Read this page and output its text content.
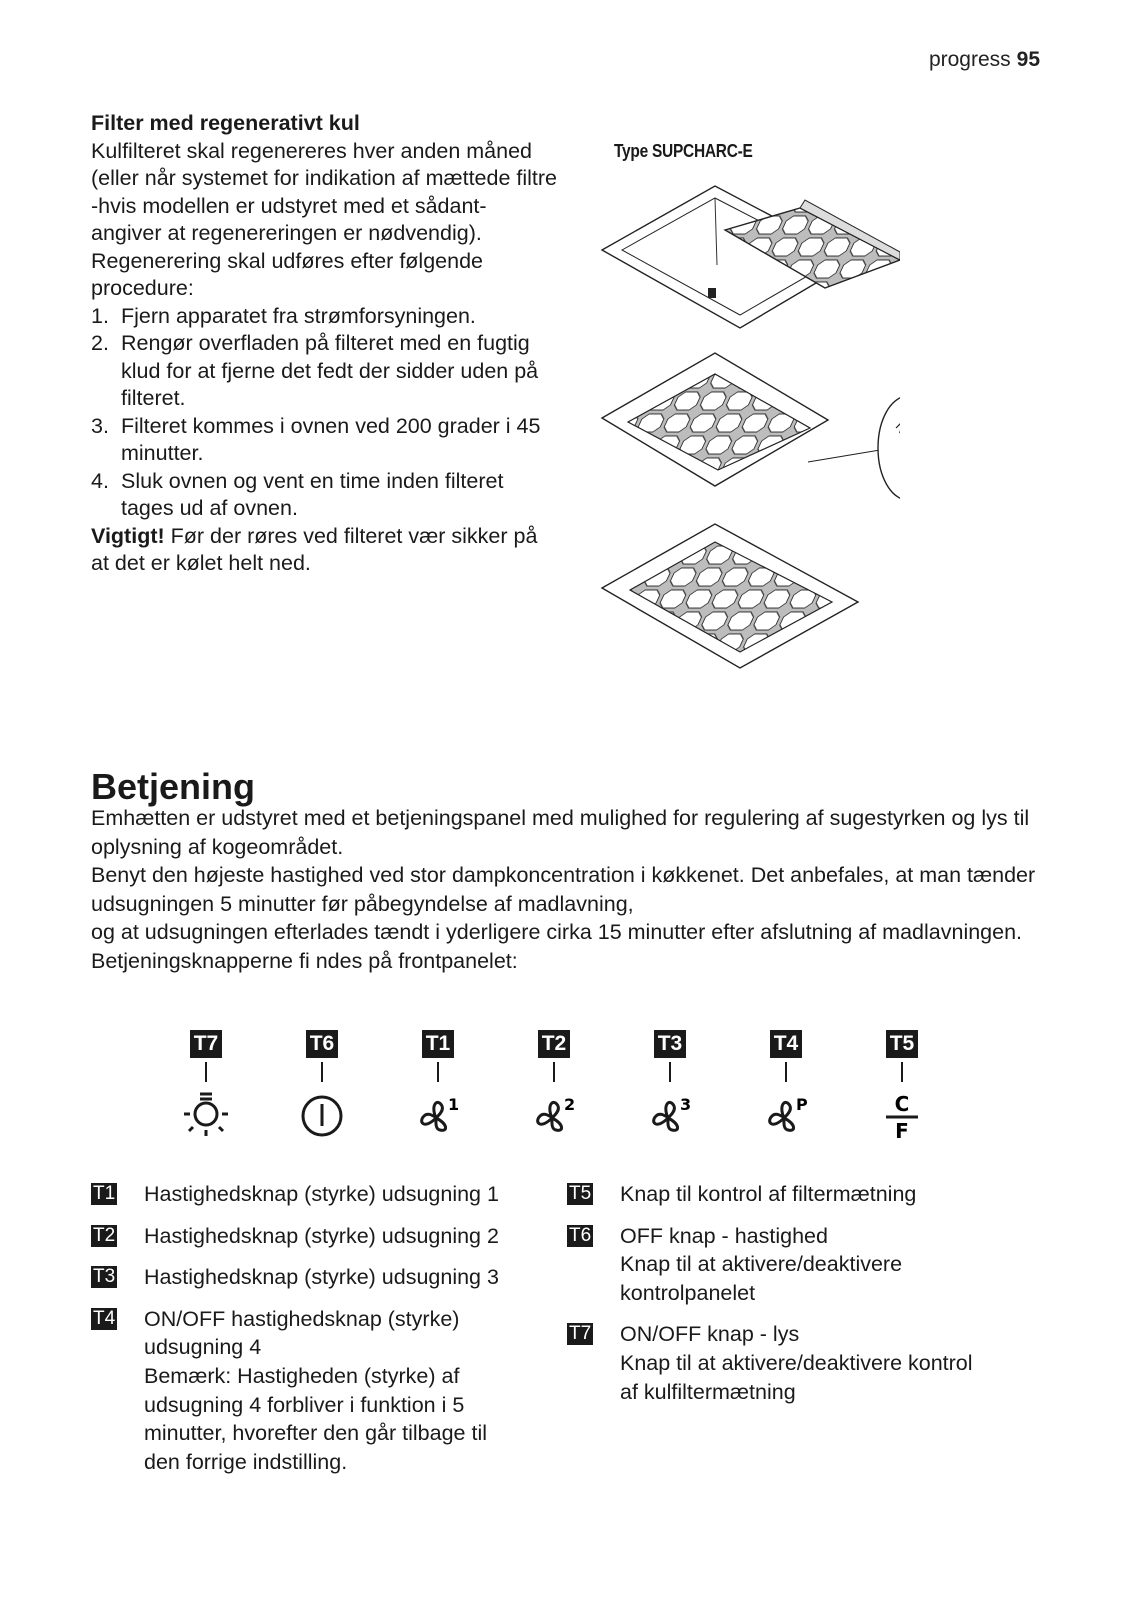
progress 95
Filter med regenerativt kul

Kulfilteret skal regenereres hver anden måned (eller når systemet for indikation af mættede filtre -hvis modellen er udstyret med et sådant- angiver at regenereringen er nødvendig). Regenerering skal udføres efter følgende procedure:

1. Fjern apparatet fra strømforsyningen.
2. Rengør overfladen på filteret med en fugtig klud for at fjerne det fedt der sidder uden på filteret.
3. Filteret kommes i ovnen ved 200 grader i 45 minutter.
4. Sluk ovnen og vent en time inden filteret tages ud af ovnen.

Vigtigt! Før der røres ved filteret vær sikker på at det er kølet helt ned.

Type SUPCHARC-E
Betjening

Emhætten er udstyret med et betjeningspanel med mulighed for regulering af sugestyrken og lys til oplysning af kogeområdet.

Benyt den højeste hastighed ved stor dampkoncentration i køkkenet. Det anbefales, at man tænder udsugningen 5 minutter før påbegyndelse af madlavning,

og at udsugningen efterlades tændt i yderligere cirka 15 minutter efter afslutning af madlavningen.

Betjeningsknapperne fi ndes på frontpanelet:

T7	T6	T1
1
T2
2
T3
3
T4
P
T5
C
F
T1 Hastighedsknap (styrke) udsugning 1
T2 Hastighedsknap (styrke) udsugning 2
T3 Hastighedsknap (styrke) udsugning 3
T4 ON/OFF hastighedsknap (styrke)
udsugning 4
Bemærk: Hastigheden (styrke) af
udsugning 4 forbliver i funktion i 5
minutter, hvorefter den går tilbage til
den forrige indstilling.
T5 Knap til kontrol af filtermætning
T6 OFF knap - hastighed
Knap til at aktivere/deaktivere
kontrolpanelet
T7 ON/OFF knap - lys
Knap til at aktivere/deaktivere kontrol
af kulfiltermætning
